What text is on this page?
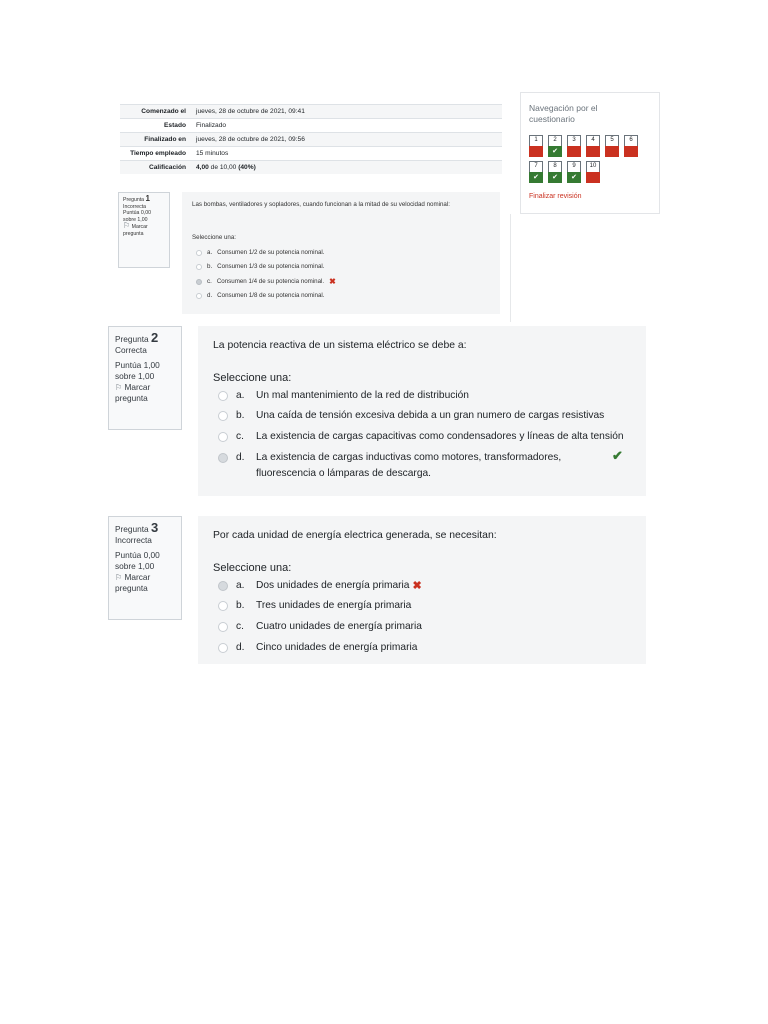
Comenzado el	jueves, 28 de octubre de 2021, 09:41
Estado	Finalizado
Finalizado en	jueves, 28 de octubre de 2021, 09:56
Tiempo empleado	15 minutos
Calificación	4,00 de 10,00 (40%)
Pregunta 1
Incorrecta
Puntúa 0,00
sobre 1,00
⚐ Marcar
pregunta
Las bombas, ventiladores y sopladores, cuando funcionan a la mitad de su velocidad nominal:
Seleccione una:
a. Consumen 1/2 de su potencia nominal.
b. Consumen 1/3 de su potencia nominal.
c. Consumen 1/4 de su potencia nominal. ✖
d. Consumen 1/8 de su potencia nominal.
Navegación por el cuestionario
1	2
✔
3	4	5	6
7
✔
8
✔
9
✔
10
Finalizar revisión
Pregunta 2
Correcta

Puntúa 1,00
sobre 1,00
⚐ Marcar
pregunta
La potencia reactiva de un sistema eléctrico se debe a:
Seleccione una:
a.	Un mal mantenimiento de la red de distribución
b.	Una caída de tensión excesiva debida a un gran numero de cargas resistivas
c.	La existencia de cargas capacitivas como condensadores y líneas de alta tensión
d.	La existencia de cargas inductivas como motores, transformadores,
fluorescencia o lámparas de descarga.
✔
Pregunta 3
Incorrecta

Puntúa 0,00
sobre 1,00
⚐ Marcar
pregunta
Por cada unidad de energía electrica generada, se necesitan:
Seleccione una:
a.	Dos unidades de energía primaria ✖
b.	Tres unidades de energía primaria
c.	Cuatro unidades de energía primaria
d.	Cinco unidades de energía primaria
